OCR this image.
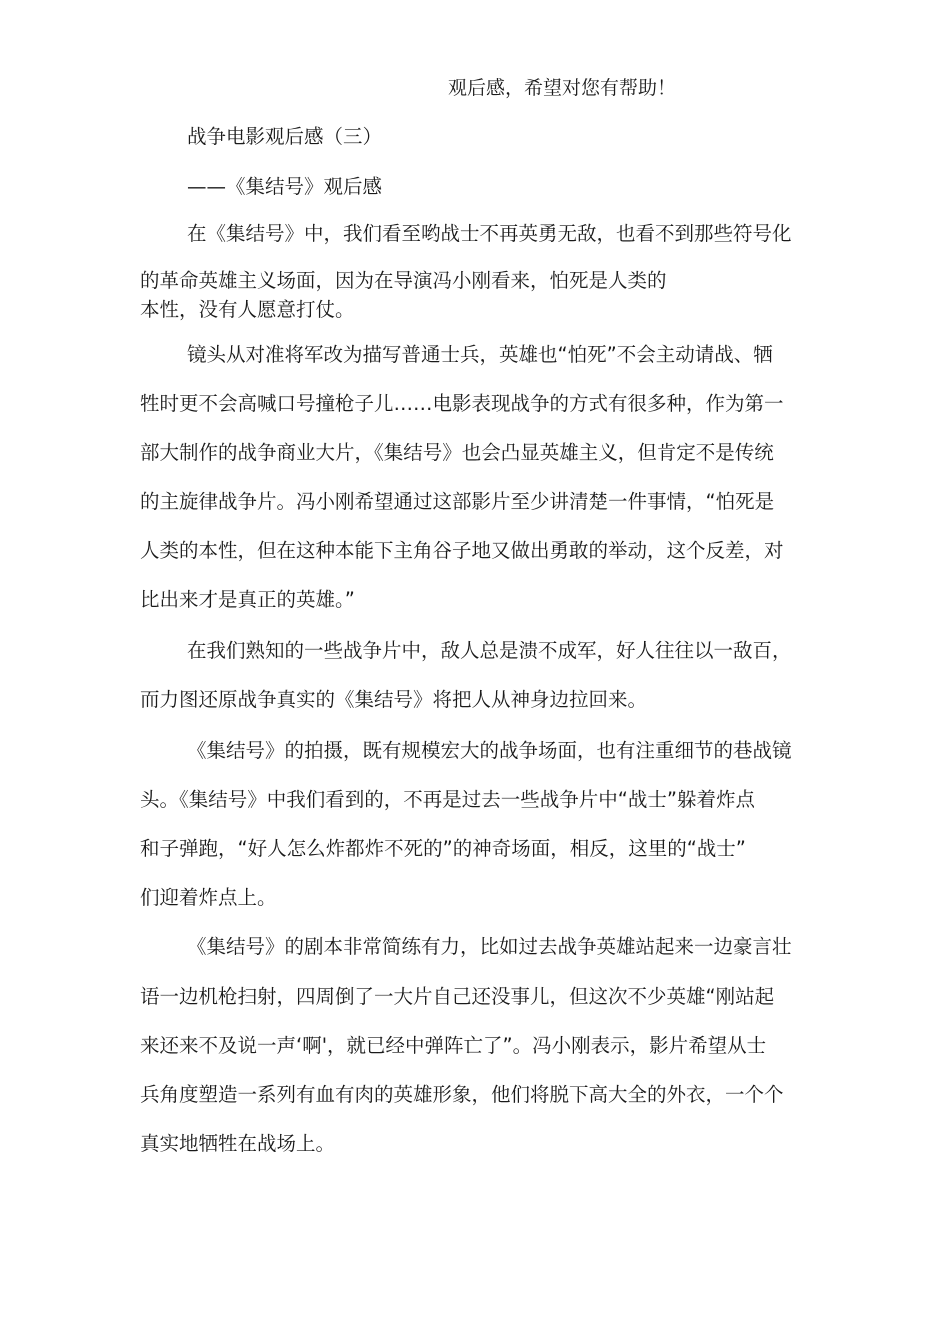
观后感，希望对您有帮助！

战争电影观后感（三）

——《集结号》观后感

在《集结号》中，我们看至哟战士不再英勇无敌，也看不到那些符号化

的革命英雄主义场面，因为在导演冯小刚看来，怕死是人类的

本性，没有人愿意打仗。

镜头从对准将军改为描写普通士兵，英雄也“怕死”不会主动请战、牺

牲时更不会高喊口号撞枪子儿……电影表现战争的方式有很多种，作为第一

部大制作的战争商业大片，《集结号》也会凸显英雄主义，但肯定不是传统

的主旋律战争片。冯小刚希望通过这部影片至少讲清楚一件事情，“怕死是

人类的本性，但在这种本能下主角谷子地又做出勇敢的举动，这个反差，对

比出来才是真正的英雄。”

在我们熟知的一些战争片中，敌人总是溃不成军，好人往往以一敌百，

而力图还原战争真实的《集结号》将把人从神身边拉回来。

《集结号》的拍摄，既有规模宏大的战争场面，也有注重细节的巷战镜

头。《集结号》中我们看到的，不再是过去一些战争片中“战士”躲着炸点

和子弹跑，“好人怎么炸都炸不死的”的神奇场面，相反，这里的“战士”

们迎着炸点上。

《集结号》的剧本非常简练有力，比如过去战争英雄站起来一边豪言壮

语一边机枪扫射，四周倒了一大片自己还没事儿，但这次不少英雄“刚站起

来还来不及说一声‘啊'，就已经中弹阵亡了”。冯小刚表示，影片希望从士

兵角度塑造一系列有血有肉的英雄形象，他们将脱下高大全的外衣，一个个

真实地牺牲在战场上。
